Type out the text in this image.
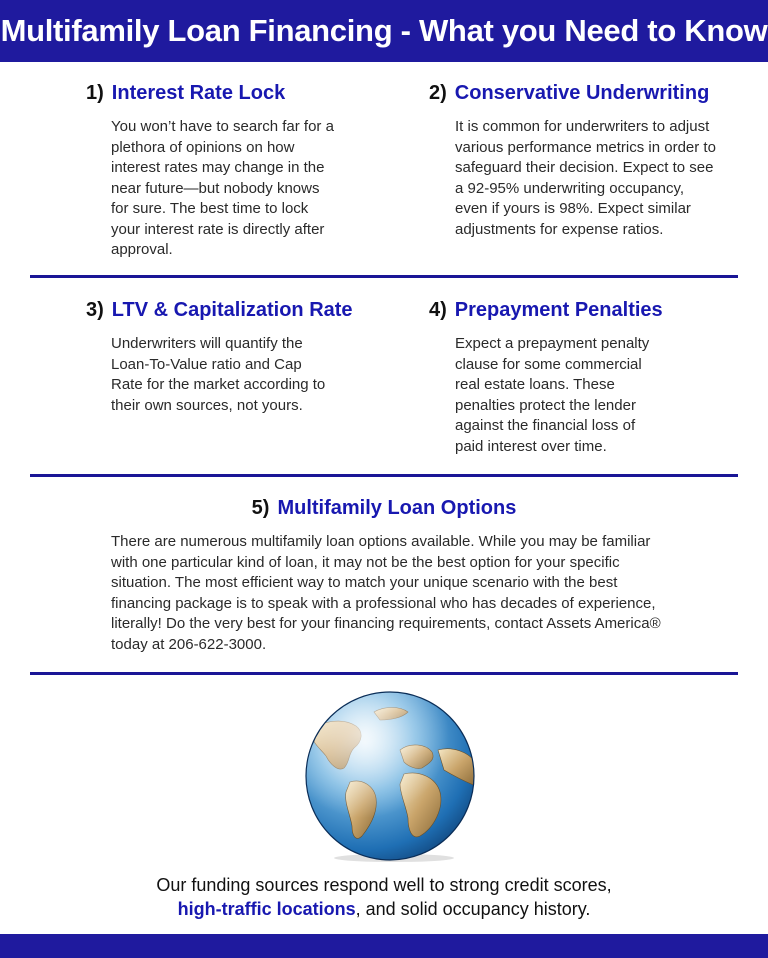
Multifamily Loan Financing - What you Need to Know
1) Interest Rate Lock
You won’t have to search far for a plethora of opinions on how interest rates may change in the near future—but nobody knows for sure. The best time to lock your interest rate is directly after approval.
2) Conservative Underwriting
It is common for underwriters to adjust various performance metrics in order to safeguard their decision. Expect to see a 92-95% underwriting occupancy, even if yours is 98%. Expect similar adjustments for expense ratios.
3) LTV & Capitalization Rate
Underwriters will quantify the Loan-To-Value ratio and Cap Rate for the market according to their own sources, not yours.
4) Prepayment Penalties
Expect a prepayment penalty clause for some commercial real estate loans. These penalties protect the lender against the financial loss of paid interest over time.
5) Multifamily Loan Options
There are numerous multifamily loan options available. While you may be familiar with one particular kind of loan, it may not be the best option for your specific situation. The most efficient way to match your unique scenario with the best financing package is to speak with a professional who has decades of experience, literally! Do the very best for your financing requirements, contact Assets America® today at 206-622-3000.
Our funding sources respond well to strong credit scores,
high-traffic locations, and solid occupancy history.
